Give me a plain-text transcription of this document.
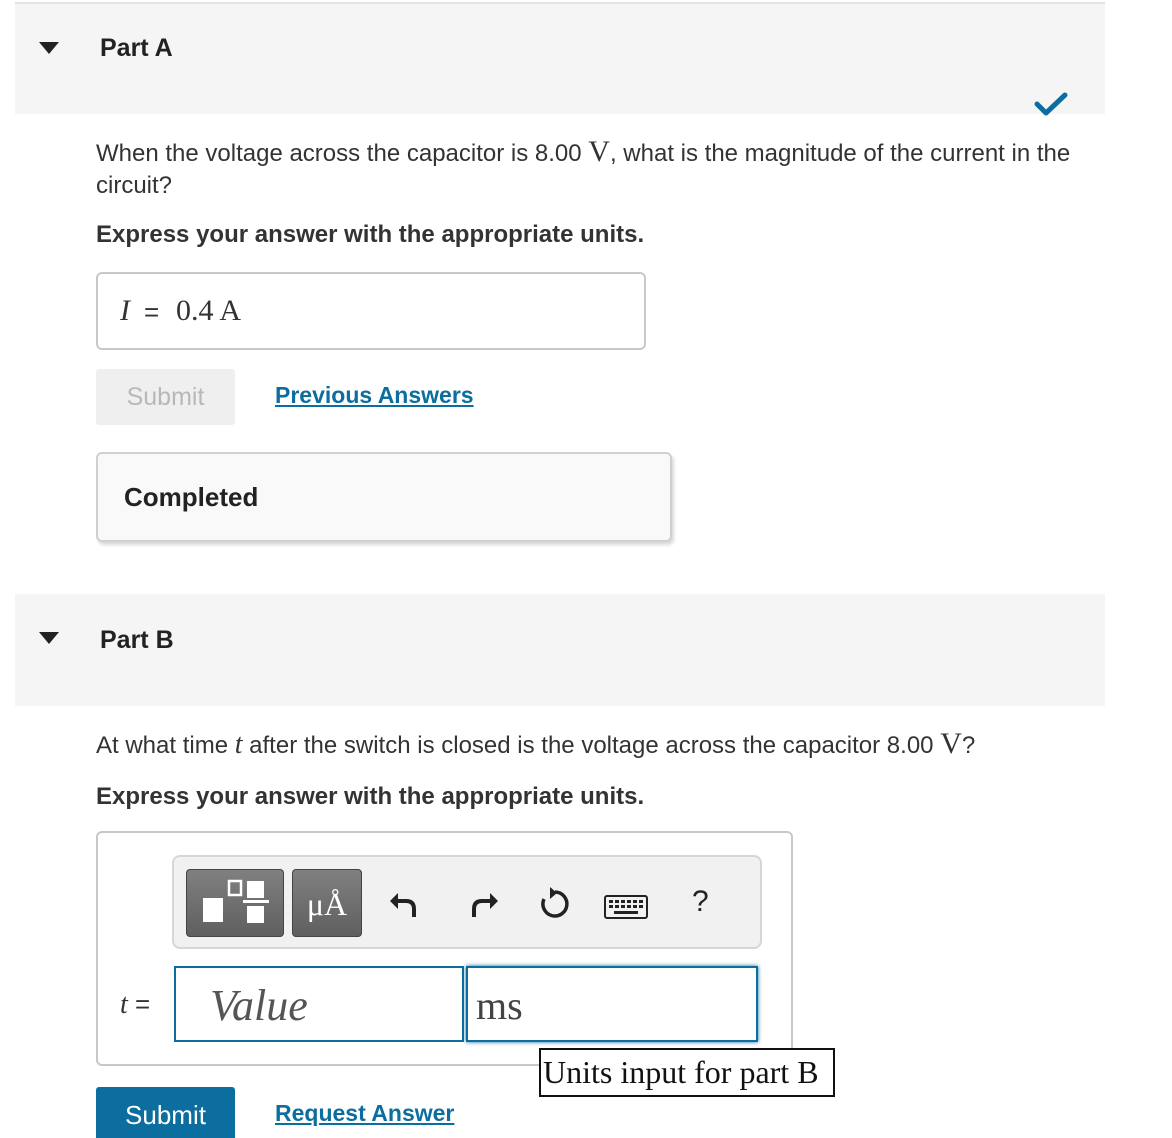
Part A
When the voltage across the capacitor is 8.00 V, what is the magnitude of the current in the circuit?
Express your answer with the appropriate units.
I = 0.4 A
Submit	Previous Answers
Completed
Part B
At what time t after the switch is closed is the voltage across the capacitor 8.00 V?
Express your answer with the appropriate units.
μÅ	?
t = Value	ms
Units input for part B
Submit	Request Answer
